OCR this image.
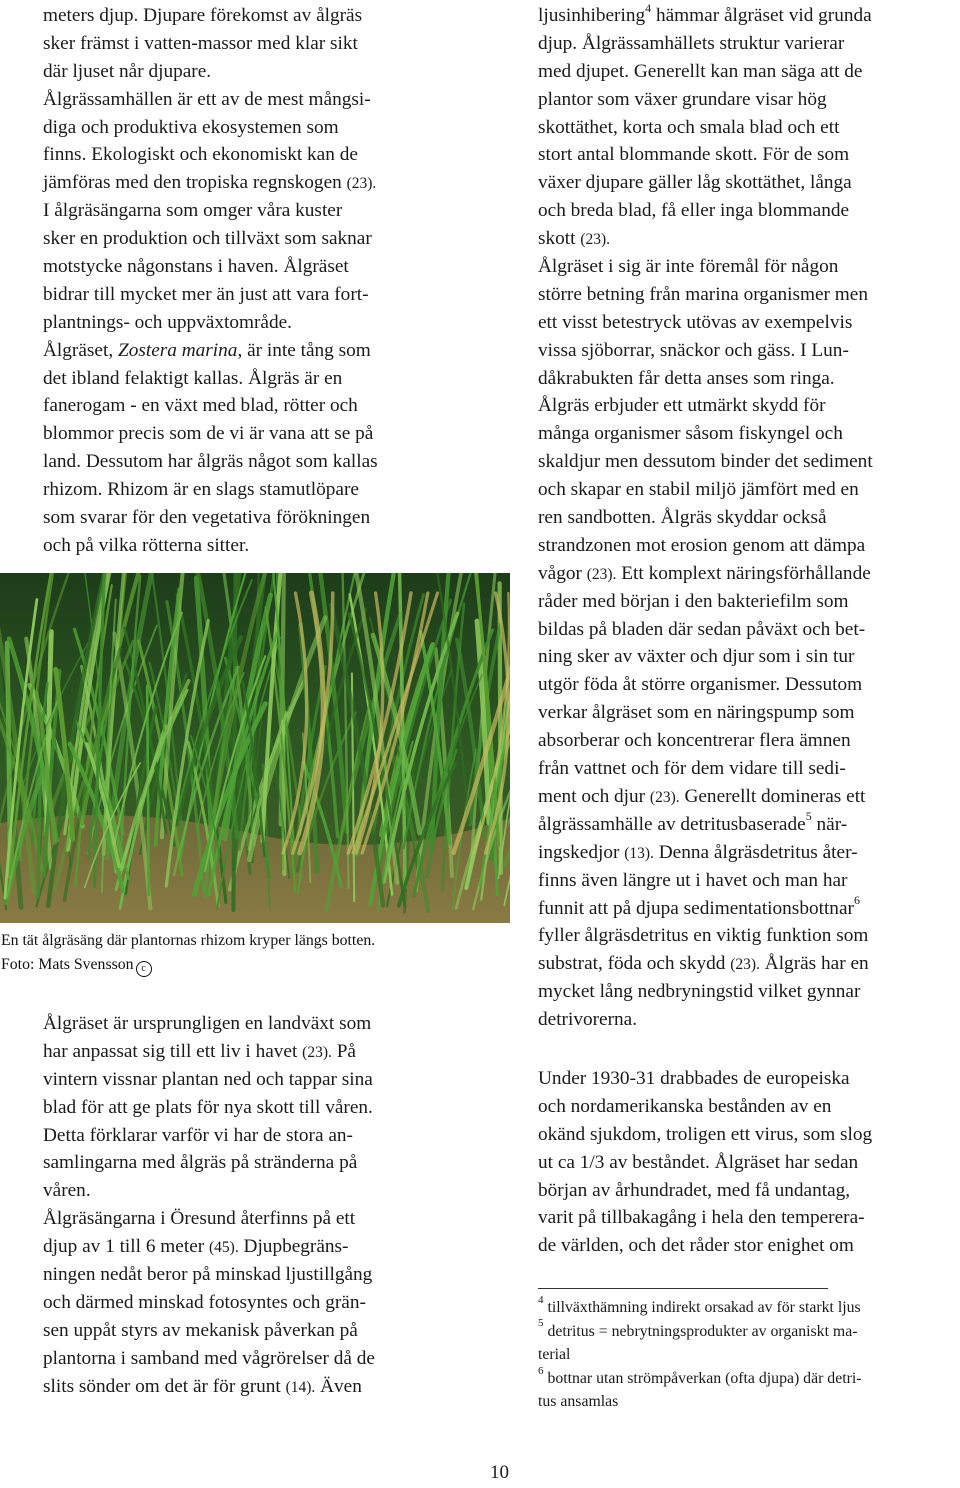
meters djup. Djupare förekomst av ålgräs
sker främst i vatten-massor med klar sikt
där ljuset når djupare.
Ålgrässamhällen är ett av de mest mångsi-
diga och produktiva ekosystemen som
finns. Ekologiskt och ekonomiskt kan de
jämföras med den tropiska regnskogen (23).
I ålgräsängarna som omger våra kuster
sker en produktion och tillväxt som saknar
motstycke någonstans i haven. Ålgräset
bidrar till mycket mer än just att vara fort-
plantnings- och uppväxtområde.
Ålgräset, Zostera marina, är inte tång som
det ibland felaktigt kallas. Ålgräs är en
fanerogam - en växt med blad, rötter och
blommor precis som de vi är vana att se på
land. Dessutom har ålgräs något som kallas
rhizom. Rhizom är en slags stamutlöpare
som svarar för den vegetativa förökningen
och på vilka rötterna sitter.
En tät ålgräsäng där plantornas rhizom kryper längs botten.
Foto: Mats Svensson c
Ålgräset är ursprungligen en landväxt som
har anpassat sig till ett liv i havet (23). På
vintern vissnar plantan ned och tappar sina
blad för att ge plats för nya skott till våren.
Detta förklarar varför vi har de stora an-
samlingarna med ålgräs på stränderna på
våren.
Ålgräsängarna i Öresund återfinns på ett
djup av 1 till 6 meter (45). Djupbegräns-
ningen nedåt beror på minskad ljustillgång
och därmed minskad fotosyntes och grän-
sen uppåt styrs av mekanisk påverkan på
plantorna i samband med vågrörelser då de
slits sönder om det är för grunt (14). Även
ljusinhibering$^4$ hämmar ålgräset vid grunda
djup. Ålgrässamhällets struktur varierar
med djupet. Generellt kan man säga att de
plantor som växer grundare visar hög
skottäthet, korta och smala blad och ett
stort antal blommande skott. För de som
växer djupare gäller låg skottäthet, långa
och breda blad, få eller inga blommande
skott (23).
Ålgräset i sig är inte föremål för någon
större betning från marina organismer men
ett visst betestryck utövas av exempelvis
vissa sjöborrar, snäckor och gäss. I Lun-
dåkrabukten får detta anses som ringa.
Ålgräs erbjuder ett utmärkt skydd för
många organismer såsom fiskyngel och
skaldjur men dessutom binder det sediment
och skapar en stabil miljö jämfört med en
ren sandbotten. Ålgräs skyddar också
strandzonen mot erosion genom att dämpa
vågor (23). Ett komplext näringsförhållande
råder med början i den bakteriefilm som
bildas på bladen där sedan påväxt och bet-
ning sker av växter och djur som i sin tur
utgör föda åt större organismer. Dessutom
verkar ålgräset som en näringspump som
absorberar och koncentrerar flera ämnen
från vattnet och för dem vidare till sedi-
ment och djur (23). Generellt domineras ett
ålgrässamhälle av detritusbaserade$^5$ när-
ingskedjor (13). Denna ålgräsdetritus åter-
finns även längre ut i havet och man har
funnit att på djupa sedimentationsbottnar$^6$
fyller ålgräsdetritus en viktig funktion som
substrat, föda och skydd (23). Ålgräs har en
mycket lång nedbryningstid vilket gynnar
detrivorerna.
Under 1930-31 drabbades de europeiska
och nordamerikanska bestånden av en
okänd sjukdom, troligen ett virus, som slog
ut ca 1/3 av beståndet. Ålgräset har sedan
början av århundradet, med få undantag,
varit på tillbakagång i hela den tempererа-
de världen, och det råder stor enighet om
$^4$ tillväxthämning indirekt orsakad av för starkt ljus
$^5$ detritus = nebrytningsprodukter av organiskt ma-
terial
$^6$ bottnar utan strömpåverkan (ofta djupa) där detri-
tus ansamlas
10
